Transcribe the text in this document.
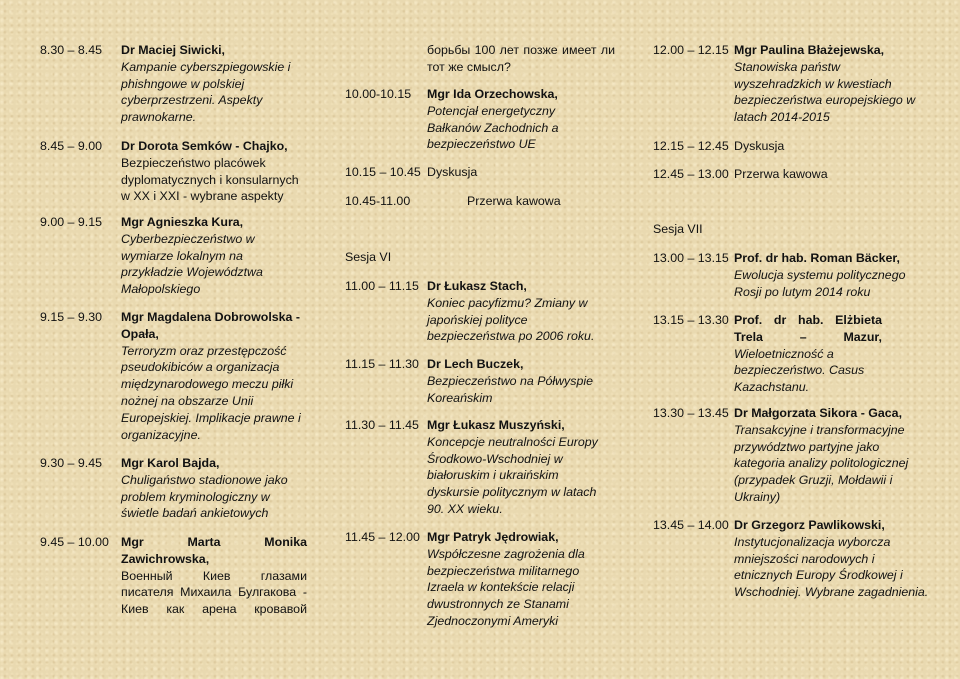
8.30 – 8.45 Dr Maciej Siwicki,
Kampanie cyberszpiegowskie i phishngowe w polskiej cyberprzestrzeni. Aspekty prawnokarne.
8.45 – 9.00 Dr Dorota Semków - Chajko,
Bezpieczeństwo placówek dyplomatycznych i konsularnych w XX i XXI - wybrane aspekty
9.00 – 9.15 Mgr Agnieszka Kura,
Cyberbezpieczeństwo w wymiarze lokalnym na przykładzie Województwa Małopolskiego
9.15 – 9.30 Mgr Magdalena Dobrowolska - Opała,
Terroryzm oraz przestępczość pseudokibiców a organizacja międzynarodowego meczu piłki nożnej na obszarze Unii Europejskiej. Implikacje prawne i organizacyjne.
9.30 – 9.45 Mgr Karol Bajda,
Chuligaństwo stadionowe jako problem kryminologiczny w świetle badań ankietowych
9.45 – 10.00 Mgr Marta Monika Zawichrowska,
Военный Киев глазами писателя Михаила Булгакова - Киев как арена кровавой
борьбы 100 лет позже имеет ли тот же смысл?
10.00-10.15 Mgr Ida Orzechowska,
Potencjał energetyczny Bałkanów Zachodnich a bezpieczeństwo UE
10.15 – 10.45 Dyskusja
10.45-11.00	Przerwa kawowa
Sesja VI
11.00 – 11.15 Dr Łukasz Stach,
Koniec pacyfizmu? Zmiany w japońskiej polityce bezpieczeństwa po 2006 roku.
11.15 – 11.30 Dr Lech Buczek,
Bezpieczeństwo na Półwyspie Koreańskim
11.30 – 11.45 Mgr Łukasz Muszyński,
Koncepcje neutralności Europy Środkowo-Wschodniej w białoruskim i ukraińskim dyskursie politycznym w latach 90. XX wieku.
11.45 – 12.00 Mgr Patryk Jędrowiak,
Współczesne zagrożenia dla bezpieczeństwa militarnego Izraela w kontekście relacji dwustronnych ze Stanami Zjednoczonymi Ameryki
12.00 – 12.15 Mgr Paulina Błażejewska,
Stanowiska państw wyszehradzkich w kwestiach bezpieczeństwa europejskiego w latach 2014-2015
12.15 – 12.45 Dyskusja
12.45 – 13.00 Przerwa kawowa
Sesja VII
13.00 – 13.15 Prof. dr hab. Roman Bäcker,
Ewolucja systemu politycznego Rosji po lutym 2014 roku
13.15 – 13.30 Prof. dr hab. Elżbieta Trela – Mazur,
Wieloetniczność a bezpieczeństwo. Casus Kazachstanu.
13.30 – 13.45 Dr Małgorzata Sikora - Gaca,
Transakcyjne i transformacyjne przywództwo partyjne jako kategoria analizy politologicznej (przypadek Gruzji, Mołdawii i Ukrainy)
13.45 – 14.00 Dr Grzegorz Pawlikowski,
Instytucjonalizacja wyborcza mniejszości narodowych i etnicznych Europy Środkowej i Wschodniej. Wybrane zagadnienia.
